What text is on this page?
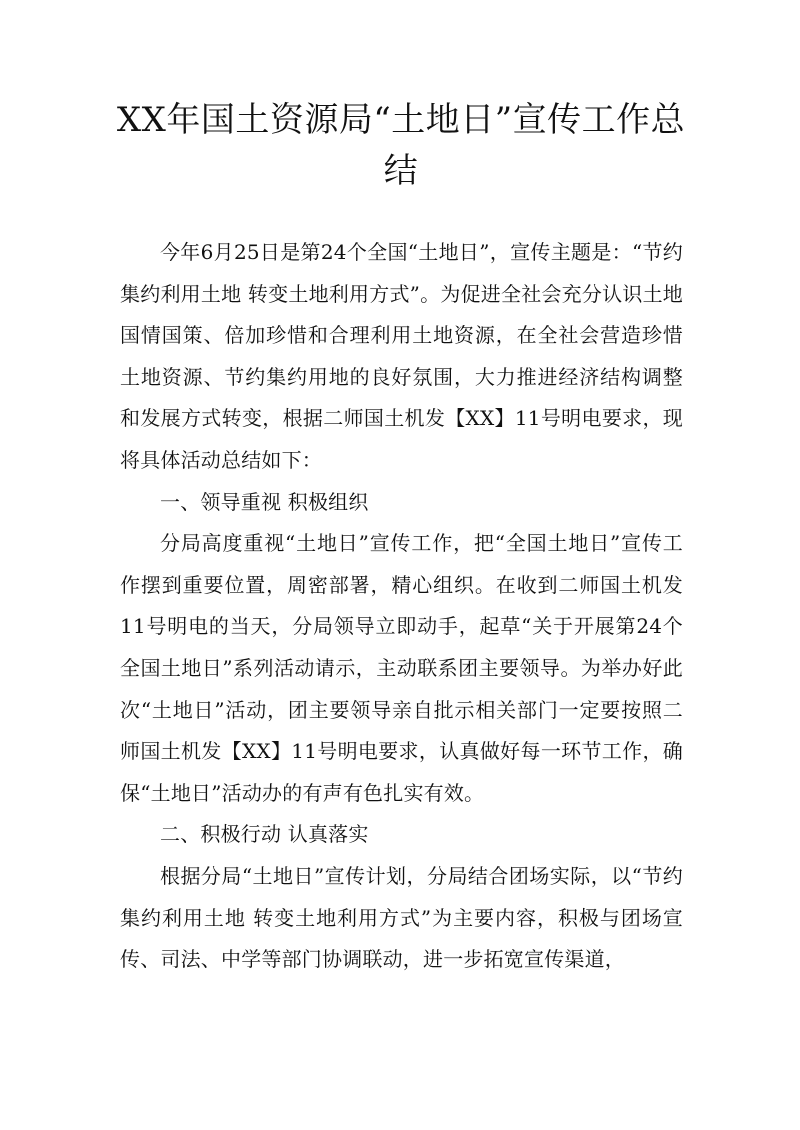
XX年国土资源局“土地日”宣传工作总结

今年6月25日是第24个全国“土地日”，宣传主题是：“节约集约利用土地 转变土地利用方式”。为促进全社会充分认识土地国情国策、倍加珍惜和合理利用土地资源，在全社会营造珍惜土地资源、节约集约用地的良好氛围，大力推进经济结构调整和发展方式转变，根据二师国土机发【XX】11号明电要求，现将具体活动总结如下：

一、领导重视 积极组织

分局高度重视“土地日”宣传工作，把“全国土地日”宣传工作摆到重要位置，周密部署，精心组织。在收到二师国土机发11号明电的当天，分局领导立即动手，起草“关于开展第24个全国土地日”系列活动请示，主动联系团主要领导。为举办好此次“土地日”活动，团主要领导亲自批示相关部门一定要按照二师国土机发【XX】11号明电要求，认真做好每一环节工作，确保“土地日”活动办的有声有色扎实有效。

二、积极行动 认真落实

根据分局“土地日”宣传计划，分局结合团场实际，以“节约集约利用土地 转变土地利用方式”为主要内容，积极与团场宣传、司法、中学等部门协调联动，进一步拓宽宣传渠道，
